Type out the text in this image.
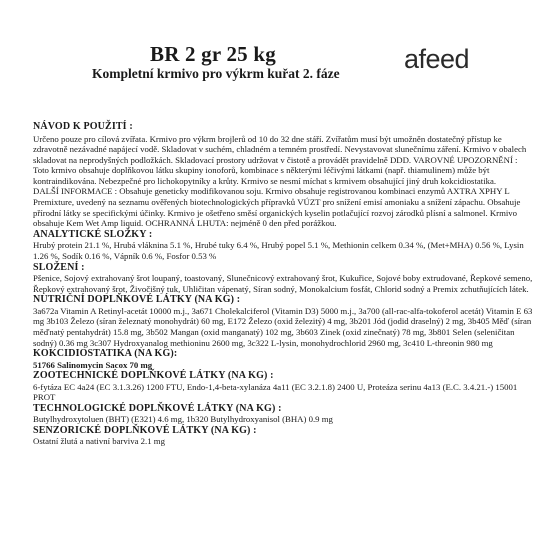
BR 2 gr 25 kg
Kompletní krmivo pro výkrm kuřat 2. fáze afeed

NÁVOD K POUŽITÍ :

Určeno pouze pro cílová zvířata. Krmivo pro výkrm brojlerů od 10 do 32 dne stáří. Zvířatům musí být umožněn dostatečný přístup ke zdravotně nezávadné napájecí vodě. Skladovat v suchém, chladném a temném prostředí. Nevystavovat slunečnímu záření. Krmivo v obalech skladovat na neprodyšných podložkách. Skladovací prostory udržovat v čistotě a provádět pravidelně DDD. VAROVNÉ UPOZORNĚNÍ : Toto krmivo obsahuje doplňkovou látku skupiny ionoforů, kombinace s některými léčivými látkami (např. thiamulinem) může být kontraindikována. Nebezpečné pro lichokopytníky a krůty. Krmivo se nesmí míchat s krmivem obsahující jiný druh kokcidiostatika.

DALŠÍ INFORMACE : Obsahuje geneticky modifikovanou soju. Krmivo obsahuje registrovanou kombinaci enzymů AXTRA XPHY L Premixture, uvedený na seznamu ověřených biotechnologických přípravků VÚZT pro snížení emisí amoniaku a snížení zápachu. Obsahuje přírodní látky se specifickými účinky. Krmivo je ošetřeno směsí organických kyselin potlačující rozvoj zárodků plísní a salmonel. Krmivo obsahuje Kem Wet Amp liquid. OCHRANNÁ LHUTA: nejméně 0 den před porážkou.

ANALYTICKÉ SLOŽKY :

Hrubý protein 21.1 %, Hrubá vláknina 5.1 %, Hrubé tuky 6.4 %, Hrubý popel 5.1 %, Methionin celkem 0.34 %, (Met+MHA) 0.56 %, Lysin 1.26 %, Sodík 0.16 %, Vápník 0.6 %, Fosfor 0.53 %

SLOŽENÍ :

Pšenice, Sojový extrahovaný šrot loupaný, toastovaný, Slunečnicový extrahovaný šrot, Kukuřice, Sojové boby extrudované, Řepkové semeno, Řepkový extrahovaný šrot, Živočišný tuk, Uhličitan vápenatý, Síran sodný, Monokalcium fosfát, Chlorid sodný a Premix zchutňujících látek.

NUTRIČNÍ DOPLŇKOVÉ LÁTKY (NA KG) :

3a672a Vitamin A Retinyl-acetát 10000 m.j., 3a671 Cholekalciferol (Vitamin D3) 5000 m.j., 3a700 (all-rac-alfa-tokoferol acetát) Vitamin E 63 mg 3b103 Železo (síran železnatý monohydrát) 60 mg, E172 Železo (oxid železitý) 4 mg, 3b201 Jód (jodid draselný) 2 mg, 3b405 Měď (síran měďnatý pentahydrát) 15.8 mg, 3b502 Mangan (oxid manganatý) 102 mg, 3b603 Zinek (oxid zinečnatý) 78 mg, 3b801 Selen (seleničitan sodný) 0.36 mg 3c307 Hydroxyanalog methioninu 2600 mg, 3c322 L-lysin, monohydrochlorid 2960 mg, 3c410 L-threonin 980 mg

KOKCIDIOSTATIKA (NA KG):

51766 Salinomycin Sacox 70 mg

ZOOTECHNICKÉ DOPLŇKOVÉ LÁTKY (NA KG) :

6-fytáza EC 4a24 (EC 3.1.3.26) 1200 FTU, Endo-1,4-beta-xylanáza 4a11 (EC 3.2.1.8) 2400 U, Proteáza serinu 4a13 (E.C. 3.4.21.-) 15001 PROT

TECHNOLOGICKÉ DOPLŇKOVÉ LÁTKY (NA KG) :

Butylhydroxytoluen (BHT) (E321) 4.6 mg, 1b320 Butylhydroxyanisol (BHA) 0.9 mg

SENZORICKÉ DOPLŇKOVÉ LÁTKY (NA KG) :

Ostatní žlutá a nativní barviva 2.1 mg
